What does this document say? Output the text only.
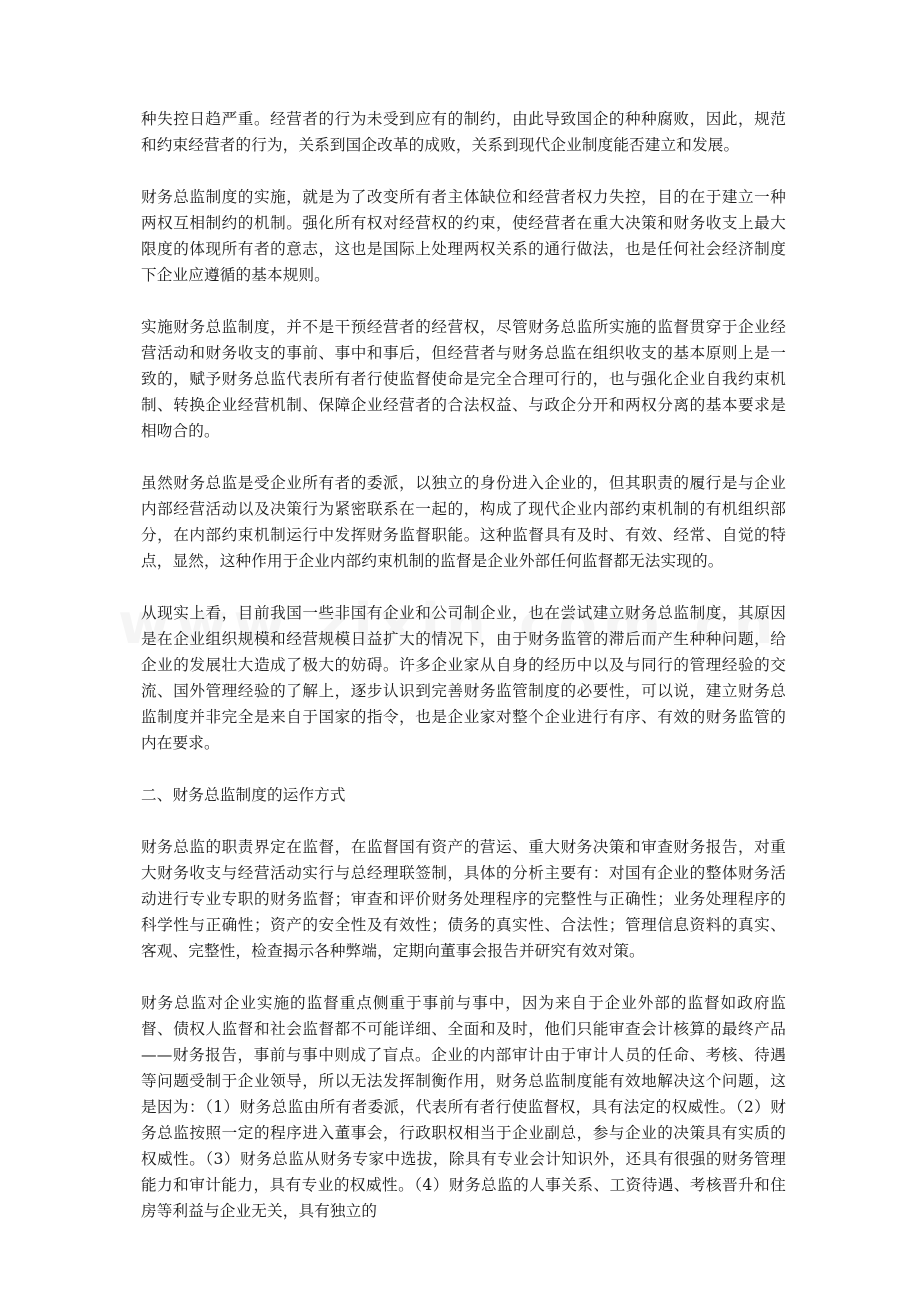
种失控日趋严重。经营者的行为未受到应有的制约，由此导致国企的种种腐败，因此，规范和约束经营者的行为，关系到国企改革的成败，关系到现代企业制度能否建立和发展。

财务总监制度的实施，就是为了改变所有者主体缺位和经营者权力失控，目的在于建立一种两权互相制约的机制。强化所有权对经营权的约束，使经营者在重大决策和财务收支上最大限度的体现所有者的意志，这也是国际上处理两权关系的通行做法，也是任何社会经济制度下企业应遵循的基本规则。

实施财务总监制度，并不是干预经营者的经营权，尽管财务总监所实施的监督贯穿于企业经营活动和财务收支的事前、事中和事后，但经营者与财务总监在组织收支的基本原则上是一致的，赋予财务总监代表所有者行使监督使命是完全合理可行的，也与强化企业自我约束机制、转换企业经营机制、保障企业经营者的合法权益、与政企分开和两权分离的基本要求是相吻合的。

虽然财务总监是受企业所有者的委派，以独立的身份进入企业的，但其职责的履行是与企业内部经营活动以及决策行为紧密联系在一起的，构成了现代企业内部约束机制的有机组织部分，在内部约束机制运行中发挥财务监督职能。这种监督具有及时、有效、经常、自觉的特点，显然，这种作用于企业内部约束机制的监督是企业外部任何监督都无法实现的。

从现实上看，目前我国一些非国有企业和公司制企业，也在尝试建立财务总监制度，其原因是在企业组织规模和经营规模日益扩大的情况下，由于财务监管的滞后而产生种种问题，给企业的发展壮大造成了极大的妨碍。许多企业家从自身的经历中以及与同行的管理经验的交流、国外管理经验的了解上，逐步认识到完善财务监管制度的必要性，可以说，建立财务总监制度并非完全是来自于国家的指令，也是企业家对整个企业进行有序、有效的财务监管的内在要求。

二、财务总监制度的运作方式

财务总监的职责界定在监督，在监督国有资产的营运、重大财务决策和审查财务报告，对重大财务收支与经营活动实行与总经理联签制，具体的分析主要有：对国有企业的整体财务活动进行专业专职的财务监督；审查和评价财务处理程序的完整性与正确性；业务处理程序的科学性与正确性；资产的安全性及有效性；债务的真实性、合法性；管理信息资料的真实、客观、完整性，检查揭示各种弊端，定期向董事会报告并研究有效对策。

财务总监对企业实施的监督重点侧重于事前与事中，因为来自于企业外部的监督如政府监督、债权人监督和社会监督都不可能详细、全面和及时，他们只能审查会计核算的最终产品——财务报告，事前与事中则成了盲点。企业的内部审计由于审计人员的任命、考核、待遇等问题受制于企业领导，所以无法发挥制衡作用，财务总监制度能有效地解决这个问题，这是因为：（1）财务总监由所有者委派，代表所有者行使监督权，具有法定的权威性。（2）财务总监按照一定的程序进入董事会，行政职权相当于企业副总，参与企业的决策具有实质的权威性。（3）财务总监从财务专家中选拔，除具有专业会计知识外，还具有很强的财务管理能力和审计能力，具有专业的权威性。（4）财务总监的人事关系、工资待遇、考核晋升和住房等利益与企业无关，具有独立的
